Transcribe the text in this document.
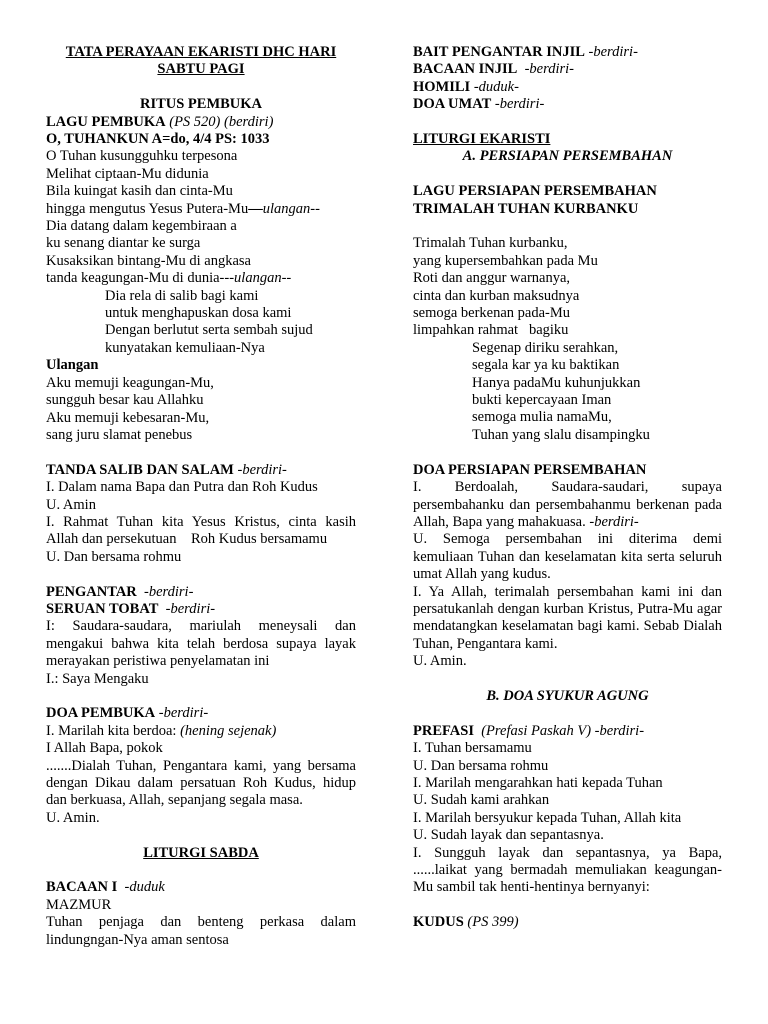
TATA PERAYAAN EKARISTI DHC HARI
SABTU PAGI
RITUS PEMBUKA
LAGU PEMBUKA (PS 520) (berdiri)
O, TUHANKUN A=do, 4/4 PS: 1033
O Tuhan kusungguhku terpesona
Melihat ciptaan-Mu didunia
Bila kuingat kasih dan cinta-Mu
hingga mengutus Yesus Putera-Mu—ulangan--
Dia datang dalam kegembiraan a
ku senang diantar ke surga
Kusaksikan bintang-Mu di angkasa
tanda keagungan-Mu di dunia---ulangan--
Dia rela di salib bagi kami
untuk menghapuskan dosa kami
Dengan berlutut serta sembah sujud
kunyatakan kemuliaan-Nya
Ulangan
Aku memuji keagungan-Mu,
sungguh besar kau Allahku
Aku memuji kebesaran-Mu,
sang juru slamat penebus
TANDA SALIB DAN SALAM -berdiri-
I. Dalam nama Bapa dan Putra dan Roh Kudus
U. Amin
I. Rahmat Tuhan kita Yesus Kristus, cinta kasih
Allah dan persekutuan    Roh Kudus bersamamu
U. Dan bersama rohmu
PENGANTAR -berdiri-
SERUAN TOBAT -berdiri-
I: Saudara-saudara, mariulah meneysali dan mengakui bahwa kita telah berdosa supaya layak merayakan peristiwa penyelamatan ini
I.: Saya Mengaku
DOA PEMBUKA -berdiri-
I. Marilah kita berdoa: (hening sejenak)
I Allah Bapa, pokok
.......Dialah Tuhan, Pengantara kami, yang bersama dengan Dikau dalam persatuan Roh Kudus, hidup dan berkuasa, Allah, sepanjang segala masa.
U. Amin.
LITURGI SABDA
BACAAN I -duduk
MAZMUR
Tuhan penjaga dan benteng perkasa dalam lindungngan-Nya aman sentosa
BAIT PENGANTAR INJIL -berdiri-
BACAAN INJIL -berdiri-
HOMILI -duduk-
DOA UMAT -berdiri-
LITURGI EKARISTI
A. PERSIAPAN PERSEMBAHAN
LAGU PERSIAPAN PERSEMBAHAN
TRIMALAH TUHAN KURBANKU
Trimalah Tuhan kurbanku,
yang kupersembahkan pada Mu
Roti dan anggur warnanya,
cinta dan kurban maksudnya
semoga berkenan pada-Mu
limpahkan rahmat   bagiku
Segenap diriku serahkan,
segala kar ya ku baktikan
Hanya padaMu kuhunjukkan
bukti kepercayaan Iman
semoga mulia namaMu,
Tuhan yang slalu disampingku
DOA PERSIAPAN PERSEMBAHAN
I. Berdoalah, Saudara-saudari, supaya persembahanku dan persembahanmu berkenan pada Allah, Bapa yang mahakuasa. -berdiri-
U. Semoga persembahan ini diterima demi kemuliaan Tuhan dan keselamatan kita serta seluruh umat Allah yang kudus.
I. Ya Allah, terimalah persembahan kami ini dan persatukanlah dengan kurban Kristus, Putra-Mu agar mendatangkan keselamatan bagi kami. Sebab Dialah Tuhan, Pengantara kami.
U. Amin.
B. DOA SYUKUR AGUNG
PREFASI (Prefasi Paskah V) -berdiri-
I. Tuhan bersamamu
U. Dan bersama rohmu
I. Marilah mengarahkan hati kepada Tuhan
U. Sudah kami arahkan
I. Marilah bersyukur kepada Tuhan, Allah kita
U. Sudah layak dan sepantasnya.
I. Sungguh layak dan sepantasnya, ya Bapa, ......laikat yang bermadah memuliakan keagungan-Mu sambil tak henti-hentinya bernyanyi:
KUDUS (PS 399)
